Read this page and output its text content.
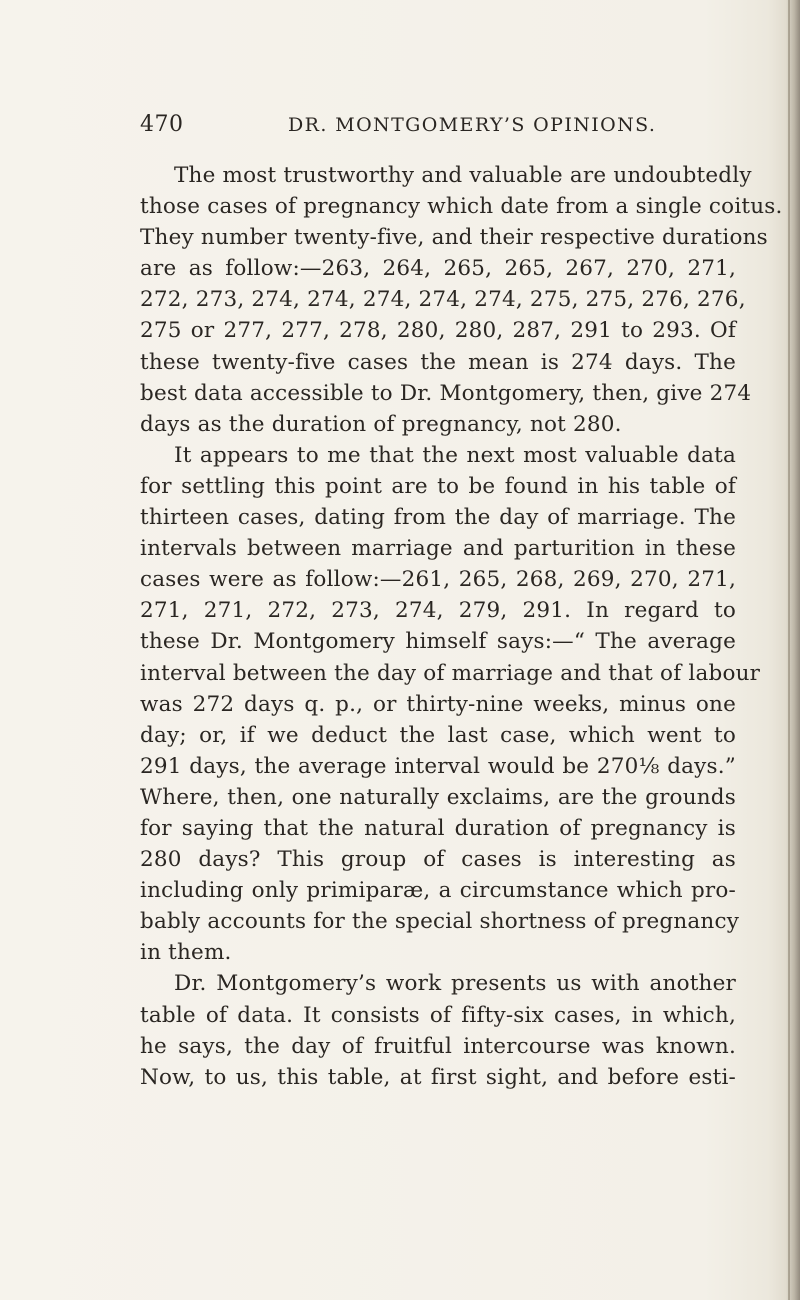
470	DR. MONTGOMERY’S OPINIONS.
The most trustworthy and valuable are undoubtedly
those cases of pregnancy which date from a single coitus.
They number twenty-five, and their respective durations
are as follow:—263, 264, 265, 265, 267, 270, 271,
272, 273, 274, 274, 274, 274, 274, 275, 275, 276, 276,
275 or 277, 277, 278, 280, 280, 287, 291 to 293. Of
these twenty-five cases the mean is 274 days. The
best data accessible to Dr. Montgomery, then, give 274
days as the duration of pregnancy, not 280.
It appears to me that the next most valuable data
for settling this point are to be found in his table of
thirteen cases, dating from the day of marriage. The
intervals between marriage and parturition in these
cases were as follow:—261, 265, 268, 269, 270, 271,
271, 271, 272, 273, 274, 279, 291. In regard to
these Dr. Montgomery himself says:—“ The average
interval between the day of marriage and that of labour
was 272 days q. p., or thirty-nine weeks, minus one
day; or, if we deduct the last case, which went to
291 days, the average interval would be 270⅛ days.”
Where, then, one naturally exclaims, are the grounds
for saying that the natural duration of pregnancy is
280 days? This group of cases is interesting as
including only primiparæ, a circumstance which pro-
bably accounts for the special shortness of pregnancy
in them.
Dr. Montgomery’s work presents us with another
table of data. It consists of fifty-six cases, in which,
he says, the day of fruitful intercourse was known.
Now, to us, this table, at first sight, and before esti-
